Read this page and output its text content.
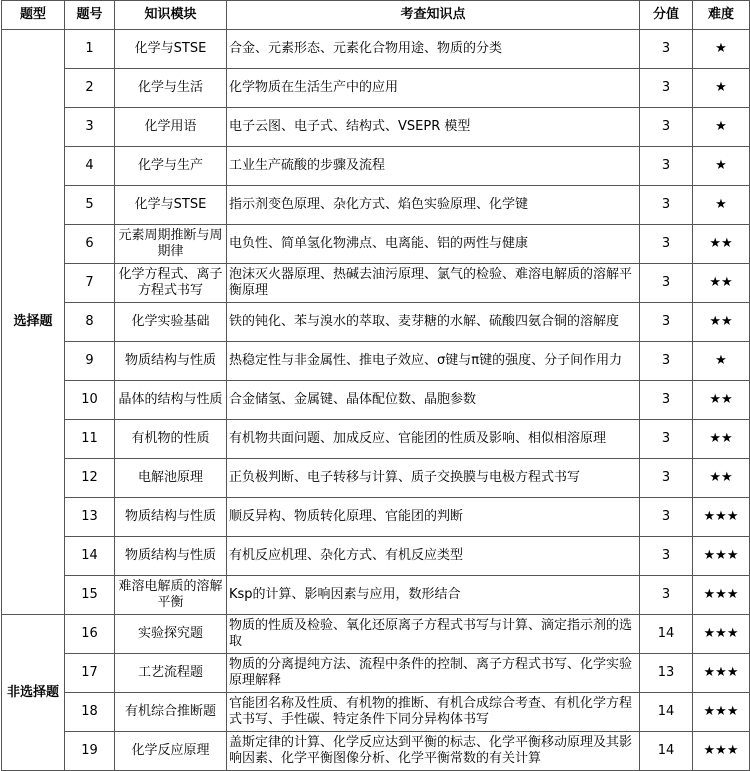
题型	题号	知识模块	考查知识点	分值	难度
选择题	1	化学与STSE	合金、元素形态、元素化合物用途、物质的分类	3	★
	2	化学与生活	化学物质在生活生产中的应用	3	★
	3	化学用语	电子云图、电子式、结构式、VSEPR 模型	3	★
	4	化学与生产	工业生产硫酸的步骤及流程	3	★
	5	化学与STSE	指示剂变色原理、杂化方式、焰色实验原理、化学键	3	★
	6	元素周期推断与周期律	电负性、简单氢化物沸点、电离能、铝的两性与健康	3	★★
	7	化学方程式、离子方程式书写	泡沫灭火器原理、热碱去油污原理、氯气的检验、难溶电解质的溶解平衡原理	3	★★
	8	化学实验基础	铁的钝化、苯与溴水的萃取、麦芽糖的水解、硫酸四氨合铜的溶解度	3	★★
	9	物质结构与性质	热稳定性与非金属性、推电子效应、σ键与π键的强度、分子间作用力	3	★
	10	晶体的结构与性质	合金储氢、金属键、晶体配位数、晶胞参数	3	★★
	11	有机物的性质	有机物共面问题、加成反应、官能团的性质及影响、相似相溶原理	3	★★
	12	电解池原理	正负极判断、电子转移与计算、质子交换膜与电极方程式书写	3	★★
	13	物质结构与性质	顺反异构、物质转化原理、官能团的判断	3	★★★
	14	物质结构与性质	有机反应机理、杂化方式、有机反应类型	3	★★★
	15	难溶电解质的溶解平衡	Ksp的计算、影响因素与应用，数形结合	3	★★★
非选择题	16	实验探究题	物质的性质及检验、氧化还原离子方程式书写与计算、滴定指示剂的选取	14	★★★
	17	工艺流程题	物质的分离提纯方法、流程中条件的控制、离子方程式书写、化学实验原理解释	13	★★★
	18	有机综合推断题	官能团名称及性质、有机物的推断、有机合成综合考查、有机化学方程式书写、手性碳、特定条件下同分异构体书写	14	★★★
	19	化学反应原理	盖斯定律的计算、化学反应达到平衡的标志、化学平衡移动原理及其影响因素、化学平衡图像分析、化学平衡常数的有关计算	14	★★★
